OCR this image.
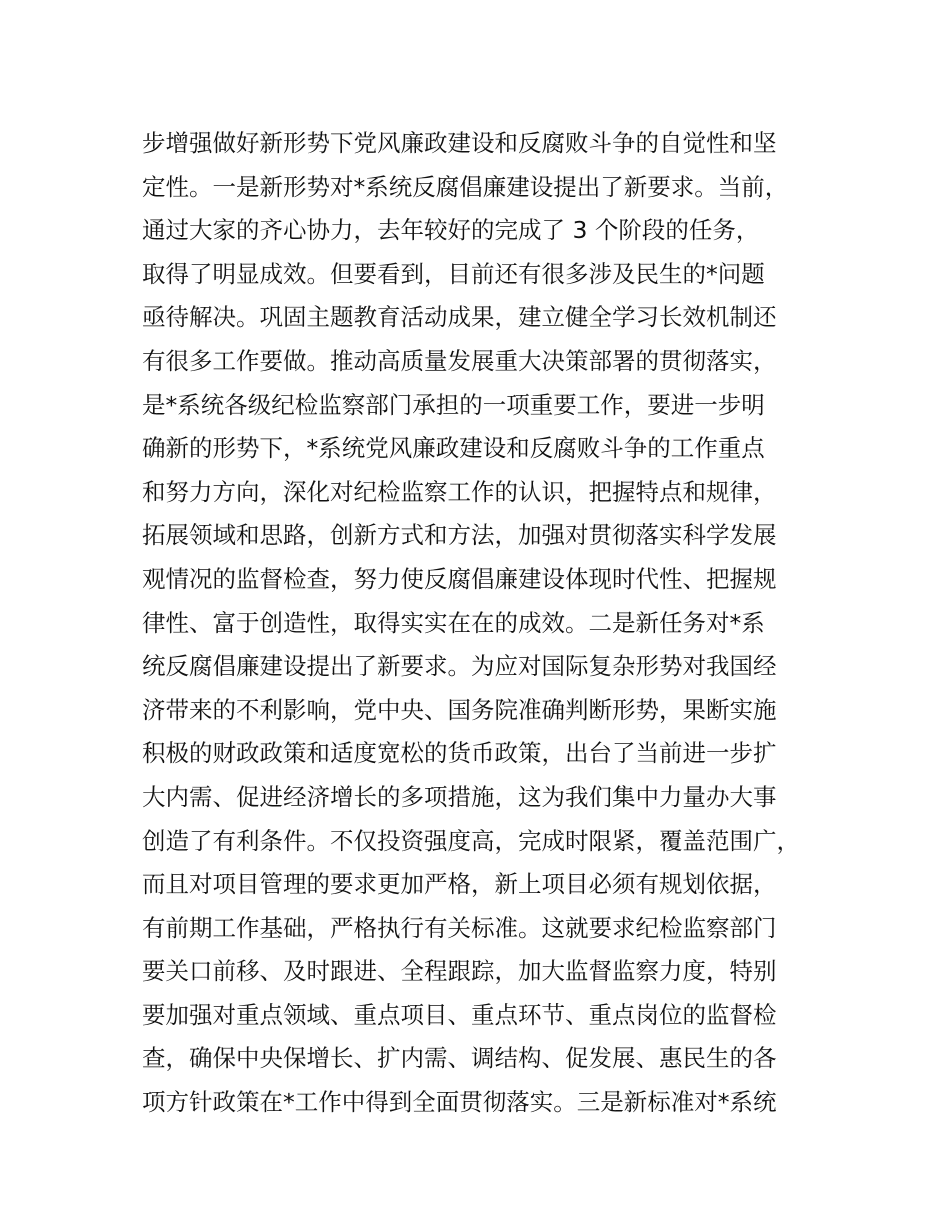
步增强做好新形势下党风廉政建设和反腐败斗争的自觉性和坚
定性。一是新形势对*系统反腐倡廉建设提出了新要求。当前，
通过大家的齐心协力，去年较好的完成了 3 个阶段的任务，
取得了明显成效。但要看到，目前还有很多涉及民生的*问题
亟待解决。巩固主题教育活动成果，建立健全学习长效机制还
有很多工作要做。推动高质量发展重大决策部署的贯彻落实，
是*系统各级纪检监察部门承担的一项重要工作，要进一步明
确新的形势下，*系统党风廉政建设和反腐败斗争的工作重点
和努力方向，深化对纪检监察工作的认识，把握特点和规律，
拓展领域和思路，创新方式和方法，加强对贯彻落实科学发展
观情况的监督检查，努力使反腐倡廉建设体现时代性、把握规
律性、富于创造性，取得实实在在的成效。二是新任务对*系
统反腐倡廉建设提出了新要求。为应对国际复杂形势对我国经
济带来的不利影响，党中央、国务院准确判断形势，果断实施
积极的财政政策和适度宽松的货币政策，出台了当前进一步扩
大内需、促进经济增长的多项措施，这为我们集中力量办大事
创造了有利条件。不仅投资强度高，完成时限紧，覆盖范围广，
而且对项目管理的要求更加严格，新上项目必须有规划依据，
有前期工作基础，严格执行有关标准。这就要求纪检监察部门
要关口前移、及时跟进、全程跟踪，加大监督监察力度，特别
要加强对重点领域、重点项目、重点环节、重点岗位的监督检
查，确保中央保增长、扩内需、调结构、促发展、惠民生的各
项方针政策在*工作中得到全面贯彻落实。三是新标准对*系统
